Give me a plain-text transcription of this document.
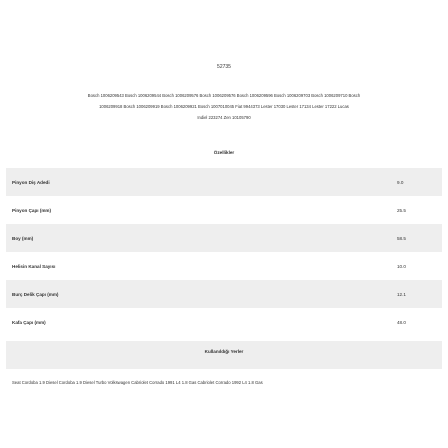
52735
Bosch 1006209543 Bosch 1006209544 Bosch 1006209576 Bosch 1006209576 Bosch 1006209596 Bosch 1006209703 Bosch 1006209710 Bosch
1006209918 Bosch 1006209919 Bosch 1006209921 Bosch 1007010045 Fiat 9944373 Lester 17030 Lester 17134 Lester 17222 Lucas
Indiel 223274 Zen 10105790
Özellikler
Pinyon Diş Adedi	9.0
Pinyon Çapı (mm)	25.5
Boy (mm)	58.5
Helisin Kanal Sayısı	10.0
Burç Delik Çapı (mm)	12.1
Kafa Çapı (mm)	48.0
Kullanıldığı Yerler
Seat Cordoba 1.9 Diesel Cordoba 1.9 Diesel Turbo Volkswagen Cabriolet Corrado 1991 L4 1.8 Gas Cabriolet Corrado 1992 L4 1.8 Gas
